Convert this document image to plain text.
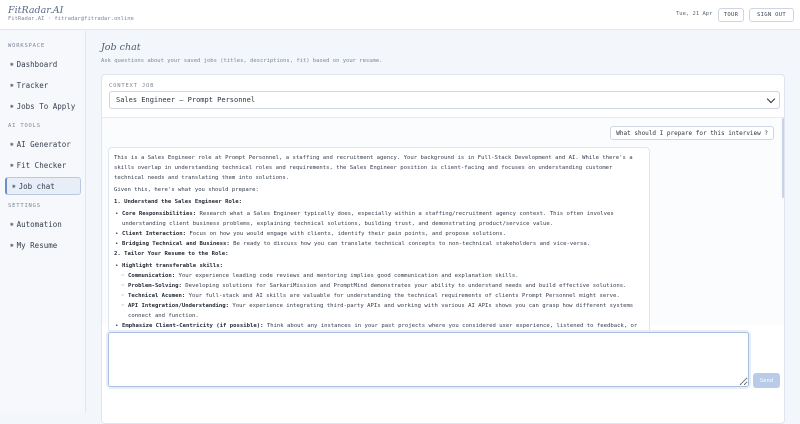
FitRadar.AI
FitRadar.AI · fitradar@fitradar.online
Tue, 21 Apr	TOUR	SIGN OUT
WORKSPACE
✱ Dashboard
✱ Tracker
✱ Jobs To Apply
AI TOOLS
✱ AI Generator
✱ Fit Checker
✱ Job chat
SETTINGS
✱ Automation
✱ My Resume
Job chat
Ask questions about your saved jobs (titles, descriptions, fit) based on your resume.
CONTEXT JOB
Sales Engineer — Prompt Personnel
What should I prepare for this interview ?

This is a Sales Engineer role at Prompt Personnel, a staffing and recruitment agency. Your background is in Full-Stack Development and AI. While there's a skills overlap in understanding technical roles and requirements, the Sales Engineer position is client-facing and focuses on understanding customer technical needs and translating them into solutions.

Given this, here's what you should prepare:

1. Understand the Sales Engineer Role:

• Core Responsibilities: Research what a Sales Engineer typically does, especially within a staffing/recruitment agency context. This often involves understanding client business problems, explaining technical solutions, building trust, and demonstrating product/service value.
• Client Interaction: Focus on how you would engage with clients, identify their pain points, and propose solutions.
• Bridging Technical and Business: Be ready to discuss how you can translate technical concepts to non-technical stakeholders and vice-versa.

2. Tailor Your Resume to the Role:

• Highlight transferable skills:
◦ Communication: Your experience leading code reviews and mentoring implies good communication and explanation skills.
◦ Problem-Solving: Developing solutions for SarkariMission and PromptMind demonstrates your ability to understand needs and build effective solutions.
◦ Technical Acumen: Your full-stack and AI skills are valuable for understanding the technical requirements of clients Prompt Personnel might serve.
◦ API Integration/Understanding: Your experience integrating third-party APIs and working with various AI APIs shows you can grasp how different systems connect and function.
• Emphasize Client-Centricity (if possible): Think about any instances in your past projects where you considered user experience, listened to feedback, or
Send
